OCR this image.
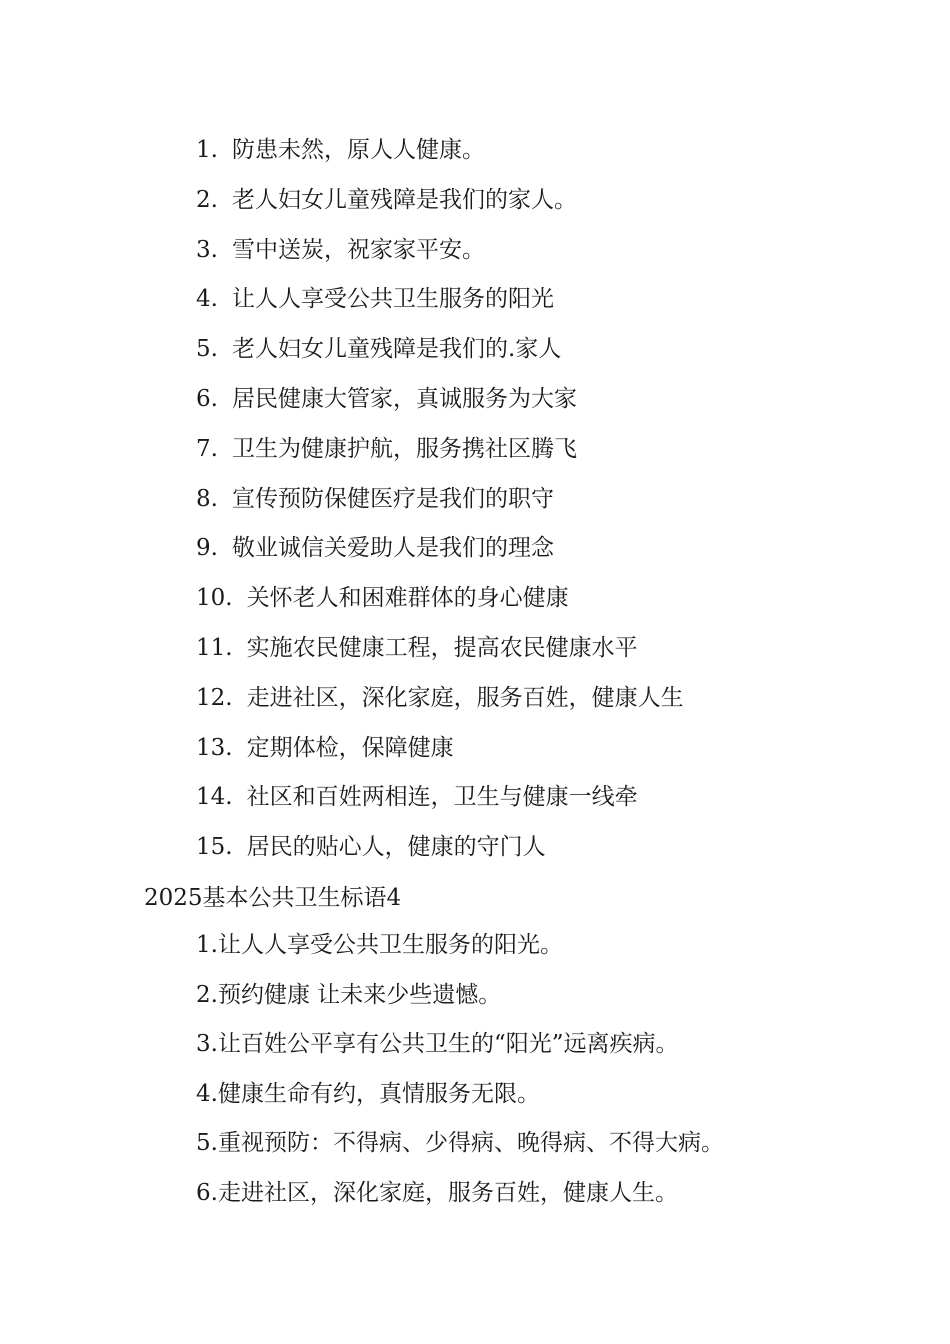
1. 防患未然，原人人健康。
2. 老人妇女儿童残障是我们的家人。
3. 雪中送炭，祝家家平安。
4. 让人人享受公共卫生服务的阳光
5. 老人妇女儿童残障是我们的.家人
6. 居民健康大管家，真诚服务为大家
7. 卫生为健康护航，服务携社区腾飞
8. 宣传预防保健医疗是我们的职守
9. 敬业诚信关爱助人是我们的理念
10. 关怀老人和困难群体的身心健康
11. 实施农民健康工程，提高农民健康水平
12. 走进社区，深化家庭，服务百姓，健康人生
13. 定期体检，保障健康
14. 社区和百姓两相连，卫生与健康一线牵
15. 居民的贴心人，健康的守门人
2025基本公共卫生标语4
1.让人人享受公共卫生服务的阳光。
2.预约健康 让未来少些遗憾。
3.让百姓公平享有公共卫生的“阳光”远离疾病。
4.健康生命有约，真情服务无限。
5.重视预防：不得病、少得病、晚得病、不得大病。
6.走进社区，深化家庭，服务百姓，健康人生。
